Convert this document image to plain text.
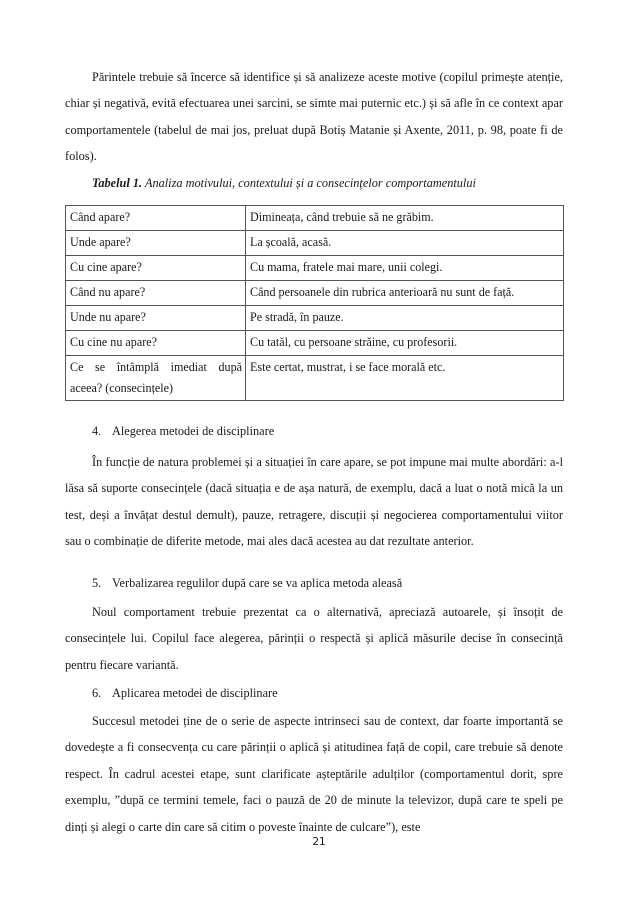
Părintele trebuie să încerce să identifice și să analizeze aceste motive (copilul primește atenție, chiar și negativă, evită efectuarea unei sarcini, se simte mai puternic etc.) și să afle în ce context apar comportamentele (tabelul de mai jos, preluat după Botiș Matanie și Axente, 2011, p. 98, poate fi de folos).

Tabelul 1. Analiza motivului, contextului și a consecințelor comportamentului

Când apare?	Dimineața, când trebuie să ne grăbim.
Unde apare?	La școală, acasă.
Cu cine apare?	Cu mama, fratele mai mare, unii colegi.
Când nu apare?	Când persoanele din rubrica anterioară nu sunt de față.
Unde nu apare?	Pe stradă, în pauze.
Cu cine nu apare?	Cu tatăl, cu persoane străine, cu profesorii.
Ce se întâmplă imediat după aceea? (consecințele)	Este certat, mustrat, i se face morală etc.

4. Alegerea metodei de disciplinare

În funcție de natura problemei și a situației în care apare, se pot impune mai multe abordări: a-l lăsa să suporte consecințele (dacă situația e de așa natură, de exemplu, dacă a luat o notă mică la un test, deși a învățat destul demult), pauze, retragere, discuții și negocierea comportamentului viitor sau o combinație de diferite metode, mai ales dacă acestea au dat rezultate anterior.

5. Verbalizarea regulilor după care se va aplica metoda aleasă

Noul comportament trebuie prezentat ca o alternativă, apreciază autoarele, și însoțit de consecințele lui. Copilul face alegerea, părinții o respectă și aplică măsurile decise în consecință pentru fiecare variantă.

6. Aplicarea metodei de disciplinare

Succesul metodei ține de o serie de aspecte intrinseci sau de context, dar foarte importantă se dovedește a fi consecvența cu care părinții o aplică și atitudinea față de copil, care trebuie să denote respect. În cadrul acestei etape, sunt clarificate așteptările adulților (comportamentul dorit, spre exemplu, ”după ce termini temele, faci o pauză de 20 de minute la televizor, după care te speli pe dinți și alegi o carte din care să citim o poveste înainte de culcare”), este

21
